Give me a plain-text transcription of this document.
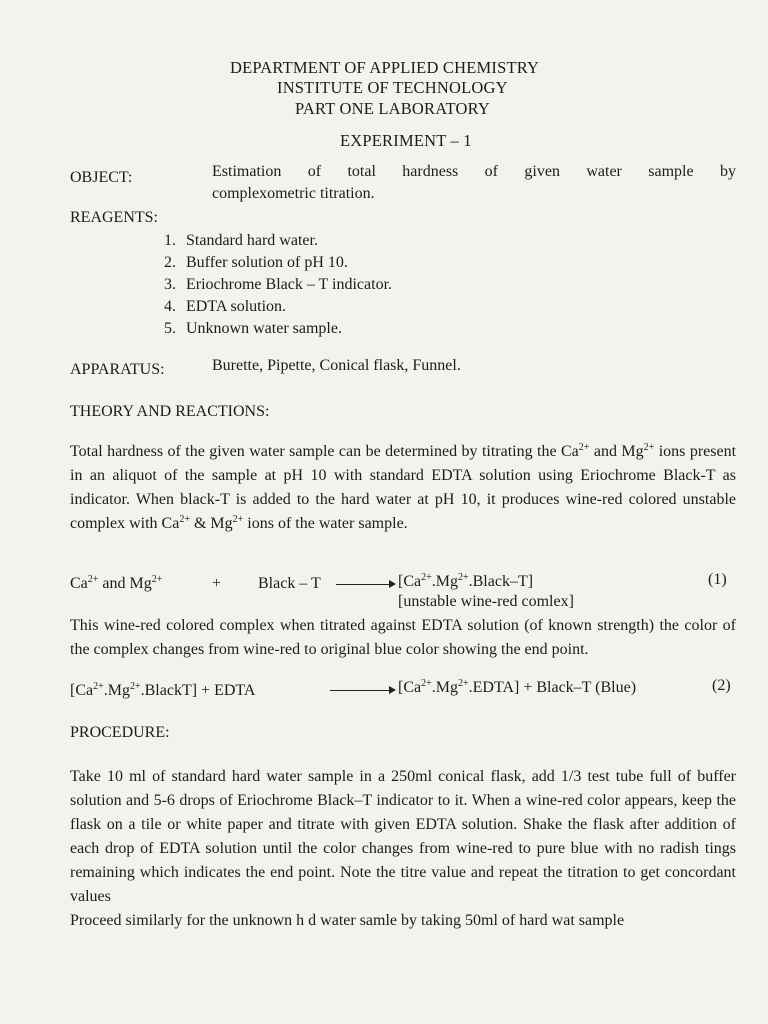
DEPARTMENT OF APPLIED CHEMISTRY
INSTITUTE OF TECHNOLOGY
PART ONE LABORATORY
EXPERIMENT – 1
OBJECT:	Estimation of total hardness of given water sample by
complexometric titration.
REAGENTS:
1. Standard hard water.
2. Buffer solution of pH 10.
3. Eriochrome Black – T indicator.
4. EDTA solution.
5. Unknown water sample.
APPARATUS:	Burette, Pipette, Conical flask, Funnel.
THEORY AND REACTIONS:
Total hardness of the given water sample can be determined by titrating the $Ca^{2+}$ and $Mg^{2+}$ ions present in an aliquot of the sample at pH 10 with standard EDTA solution using Eriochrome Black-T as indicator. When black-T is added to the hard water at pH 10, it produces wine-red colored unstable complex with $Ca^{2+}$ & $Mg^{2+}$ ions of the water sample.
$Ca^{2+}$ and $Mg^{2+}$	+ Black – T	$[Ca^{2+}.Mg^{2+}.Black-T]$
[unstable wine-red comlex]
(1)
This wine-red colored complex when titrated against EDTA solution (of known strength) the color of the complex changes from wine-red to original blue color showing the end point.
$[Ca^{2+}.Mg^{2+}.BlackT]$ + EDTA	$[Ca^{2+}.Mg^{2+}.EDTA]$ + Black–T (Blue)	(2)
PROCEDURE:
Take 10 ml of standard hard water sample in a 250ml conical flask, add 1/3 test tube full of buffer solution and 5-6 drops of Eriochrome Black–T indicator to it. When a wine-red color appears, keep the flask on a tile or white paper and titrate with given EDTA solution. Shake the flask after addition of each drop of EDTA solution until the color changes from wine-red to pure blue with no radish tings remaining which indicates the end point. Note the titre value and repeat the titration to get concordant values
Proceed similarly for the unknown h d water samle by taking 50ml of hard wat sample
